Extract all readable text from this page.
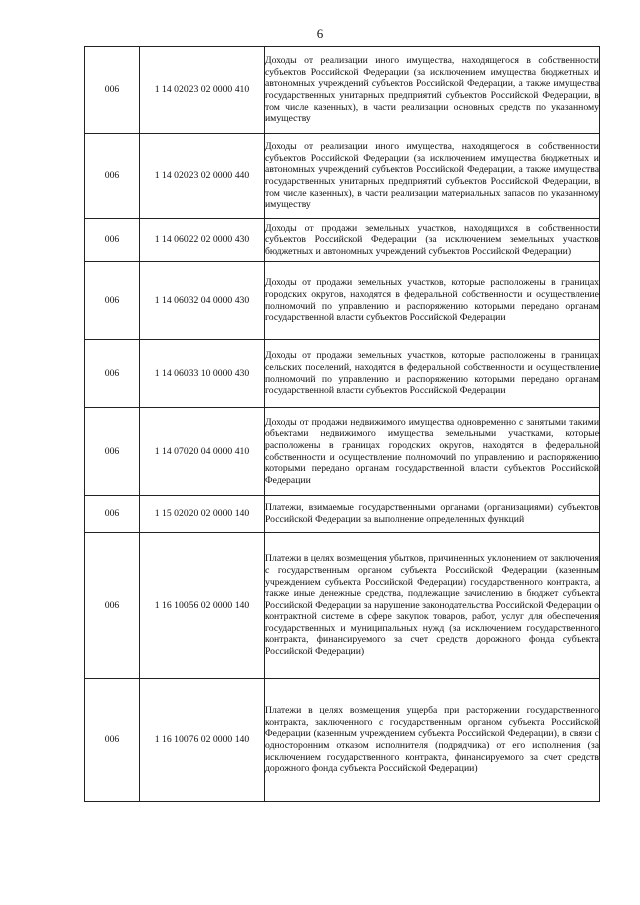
6
006	1 14 02023 02 0000 410	Доходы от реализации иного имущества, находящегося в собственности субъектов Российской Федерации (за исключением имущества бюджетных и автономных учреждений субъектов Российской Федерации, а также имущества государственных унитарных предприятий субъектов Российской Федерации, в том числе казенных), в части реализации основных средств по указанному имуществу

006	1 14 02023 02 0000 440	Доходы от реализации иного имущества, находящегося в собственности субъектов Российской Федерации (за исключением имущества бюджетных и автономных учреждений субъектов Российской Федерации, а также имущества государственных унитарных предприятий субъектов Российской Федерации, в том числе казенных), в части реализации материальных запасов по указанному имуществу

006	1 14 06022 02 0000 430	Доходы от продажи земельных участков, находящихся в собственности субъектов Российской Федерации (за исключением земельных участков бюджетных и автономных учреждений субъектов Российской Федерации)

006	1 14 06032 04 0000 430	Доходы от продажи земельных участков, которые расположены в границах городских округов, находятся в федеральной собственности и осуществление полномочий по управлению и распоряжению которыми передано органам государственной власти субъектов Российской Федерации

006	1 14 06033 10 0000 430	Доходы от продажи земельных участков, которые расположены в границах сельских поселений, находятся в федеральной собственности и осуществление полномочий по управлению и распоряжению которыми передано органам государственной власти субъектов Российской Федерации

006	1 14 07020 04 0000 410	Доходы от продажи недвижимого имущества одновременно с занятыми такими объектами недвижимого имущества земельными участками, которые расположены в границах городских округов, находятся в федеральной собственности и осуществление полномочий по управлению и распоряжению которыми передано органам государственной власти субъектов Российской Федерации

006	1 15 02020 02 0000 140	Платежи, взимаемые государственными органами (организациями) субъектов Российской Федерации за выполнение определенных функций

006	1 16 10056 02 0000 140	Платежи в целях возмещения убытков, причиненных уклонением от заключения с государственным органом субъекта Российской Федерации (казенным учреждением субъекта Российской Федерации) государственного контракта, а также иные денежные средства, подлежащие зачислению в бюджет субъекта Российской Федерации за нарушение законодательства Российской Федерации о контрактной системе в сфере закупок товаров, работ, услуг для обеспечения государственных и муниципальных нужд (за исключением государственного контракта, финансируемого за счет средств дорожного фонда субъекта Российской Федерации)

006	1 16 10076 02 0000 140	Платежи в целях возмещения ущерба при расторжении государственного контракта, заключенного с государственным органом субъекта Российской Федерации (казенным учреждением субъекта Российской Федерации), в связи с односторонним отказом исполнителя (подрядчика) от его исполнения (за исключением государственного контракта, финансируемого за счет средств дорожного фонда субъекта Российской Федерации)
